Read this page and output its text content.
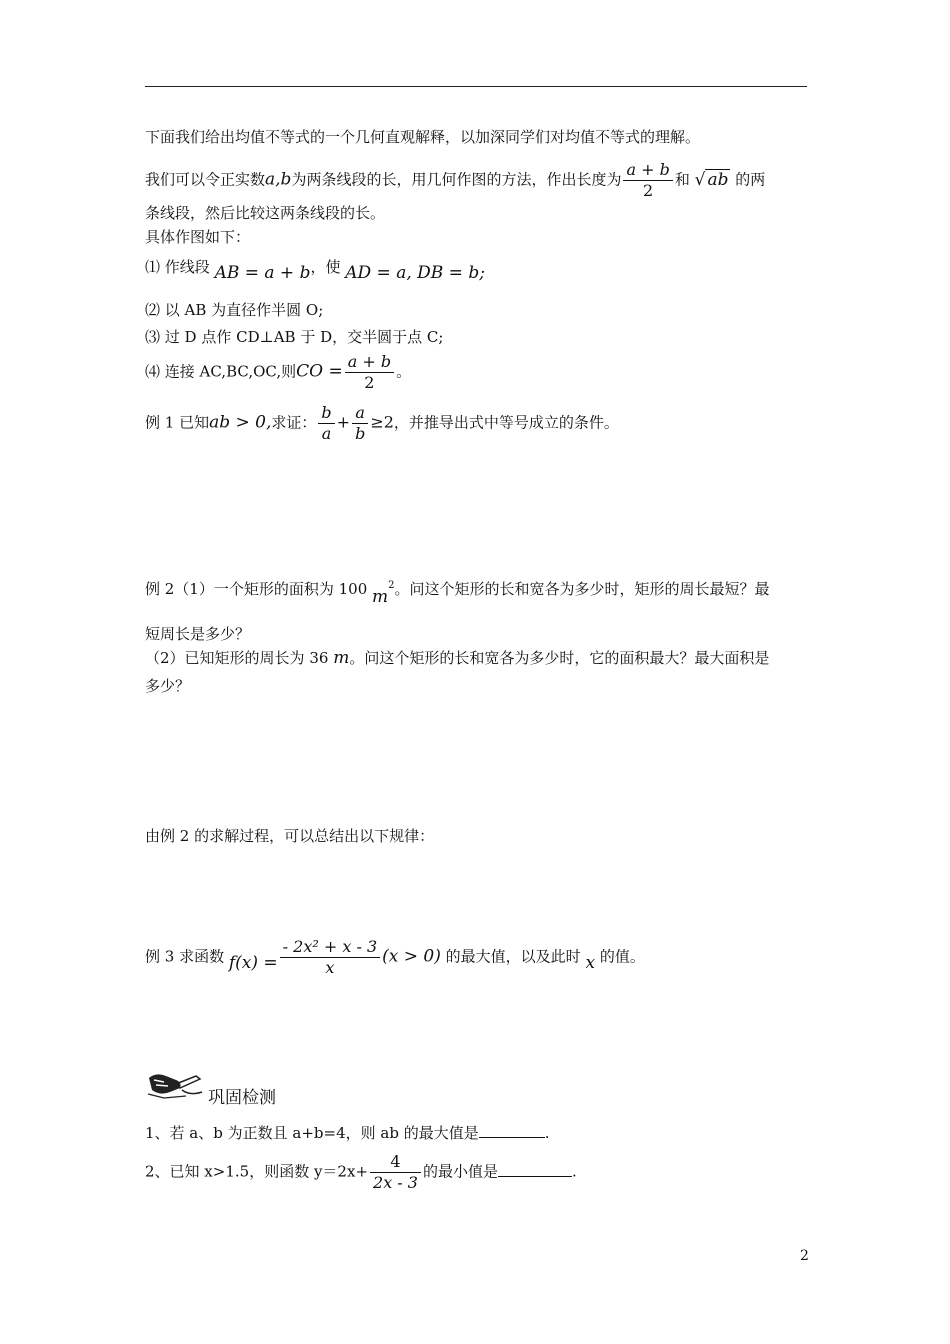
下面我们给出均值不等式的一个几何直观解释，以加深同学们对均值不等式的理解。
我们可以令正实数a,b为两条线段的长，用几何作图的方法，作出长度为 $\frac{a + b}{2}$ 和 √ ab 的两
条线段，然后比较这两条线段的长。
具体作图如下：
⑴ 作线段 AB = a + b，使 AD = a, DB = b;
⑵ 以 AB 为直径作半圆 O;
⑶ 过 D 点作 CD⊥AB 于 D，交半圆于点 C;
⑷ 连接 AC,BC,OC,则CO = $\frac{a + b}{2}$ 。
例 1 已知ab > 0,求证： $\frac{b}{a} + \frac{a}{b} \ge 2$，并推导出式中等号成立的条件。
例 2（1）一个矩形的面积为 100 $m^2$。问这个矩形的长和宽各为多少时，矩形的周长最短？最
短周长是多少？
（2）已知矩形的周长为 36 m。问这个矩形的长和宽各为多少时，它的面积最大？最大面积是
多少？
由例 2 的求解过程，可以总结出以下规律：
例 3 求函数 $f(x) = \frac{\text{- 2x² + x - 3}}{x} (x > 0)$ 的最大值，以及此时 x 的值。
巩固检测
1、若 a、b 为正数且 a+b=4，则 ab 的最大值是	.
2、已知 x>1.5，则函数 $y=2x+ \frac{4}{2x - 3}$ 的最小值是	.
2
